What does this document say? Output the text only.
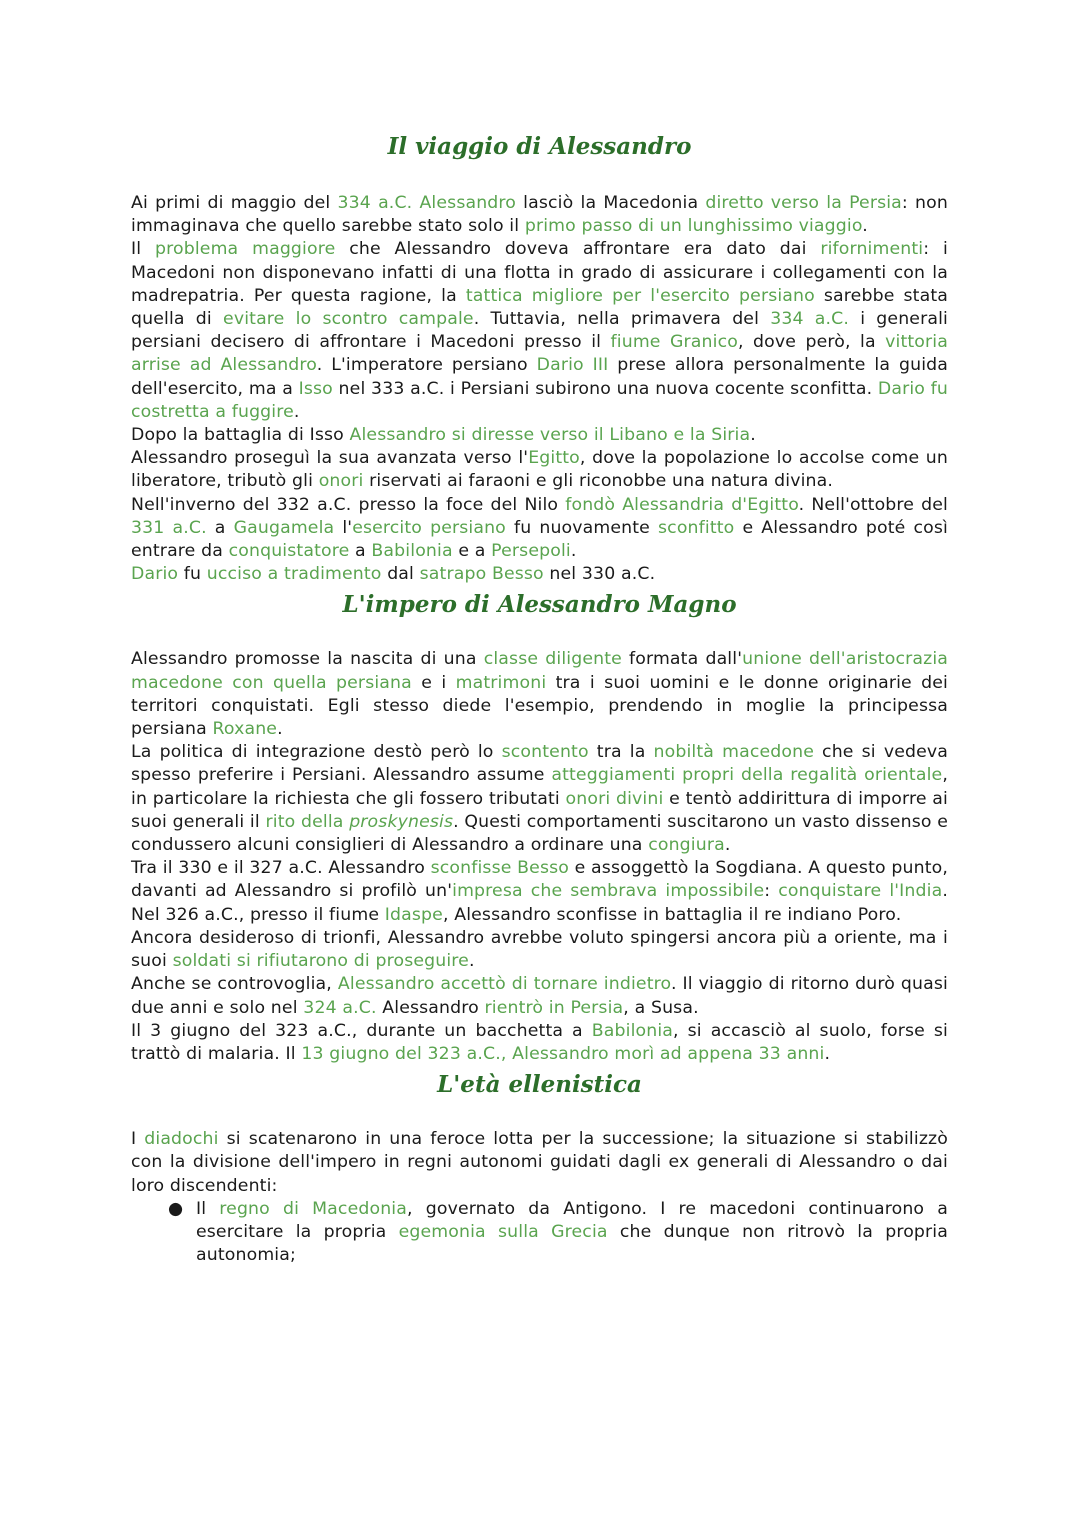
Il viaggio di Alessandro

Ai primi di maggio del 334 a.C. Alessandro lasciò la Macedonia diretto verso la Persia: non immaginava che quello sarebbe stato solo il primo passo di un lunghissimo viaggio.

Il problema maggiore che Alessandro doveva affrontare era dato dai rifornimenti: i Macedoni non disponevano infatti di una flotta in grado di assicurare i collegamenti con la madrepatria. Per questa ragione, la tattica migliore per l'esercito persiano sarebbe stata quella di evitare lo scontro campale. Tuttavia, nella primavera del 334 a.C. i generali persiani decisero di affrontare i Macedoni presso il fiume Granico, dove però, la vittoria arrise ad Alessandro. L'imperatore persiano Dario III prese allora personalmente la guida dell'esercito, ma a Isso nel 333 a.C. i Persiani subirono una nuova cocente sconfitta. Dario fu costretta a fuggire.

Dopo la battaglia di Isso Alessandro si diresse verso il Libano e la Siria.

Alessandro proseguì la sua avanzata verso l'Egitto, dove la popolazione lo accolse come un liberatore, tributò gli onori riservati ai faraoni e gli riconobbe una natura divina.

Nell'inverno del 332 a.C. presso la foce del Nilo fondò Alessandria d'Egitto. Nell'ottobre del 331 a.C. a Gaugamela l'esercito persiano fu nuovamente sconfitto e Alessandro poté così entrare da conquistatore a Babilonia e a Persepoli.

Dario fu ucciso a tradimento dal satrapo Besso nel 330 a.C.

L'impero di Alessandro Magno

Alessandro promosse la nascita di una classe diligente formata dall'unione dell'aristocrazia macedone con quella persiana e i matrimoni tra i suoi uomini e le donne originarie dei territori conquistati. Egli stesso diede l'esempio, prendendo in moglie la principessa persiana Roxane.

La politica di integrazione destò però lo scontento tra la nobiltà macedone che si vedeva spesso preferire i Persiani. Alessandro assume atteggiamenti propri della regalità orientale, in particolare la richiesta che gli fossero tributati onori divini e tentò addirittura di imporre ai suoi generali il rito della proskynesis. Questi comportamenti suscitarono un vasto dissenso e condussero alcuni consiglieri di Alessandro a ordinare una congiura.

Tra il 330 e il 327 a.C. Alessandro sconfisse Besso e assoggettò la Sogdiana. A questo punto, davanti ad Alessandro si profilò un'impresa che sembrava impossibile: conquistare l'India. Nel 326 a.C., presso il fiume Idaspe, Alessandro sconfisse in battaglia il re indiano Poro.

Ancora desideroso di trionfi, Alessandro avrebbe voluto spingersi ancora più a oriente, ma i suoi soldati si rifiutarono di proseguire.

Anche se controvoglia, Alessandro accettò di tornare indietro. Il viaggio di ritorno durò quasi due anni e solo nel 324 a.C. Alessandro rientrò in Persia, a Susa.

Il 3 giugno del 323 a.C., durante un bacchetta a Babilonia, si accasciò al suolo, forse si trattò di malaria. Il 13 giugno del 323 a.C., Alessandro morì ad appena 33 anni.

L'età ellenistica

I diadochi si scatenarono in una feroce lotta per la successione; la situazione si stabilizzò con la divisione dell'impero in regni autonomi guidati dagli ex generali di Alessandro o dai loro discendenti:

● Il regno di Macedonia, governato da Antigono. I re macedoni continuarono a esercitare la propria egemonia sulla Grecia che dunque non ritrovò la propria autonomia;
